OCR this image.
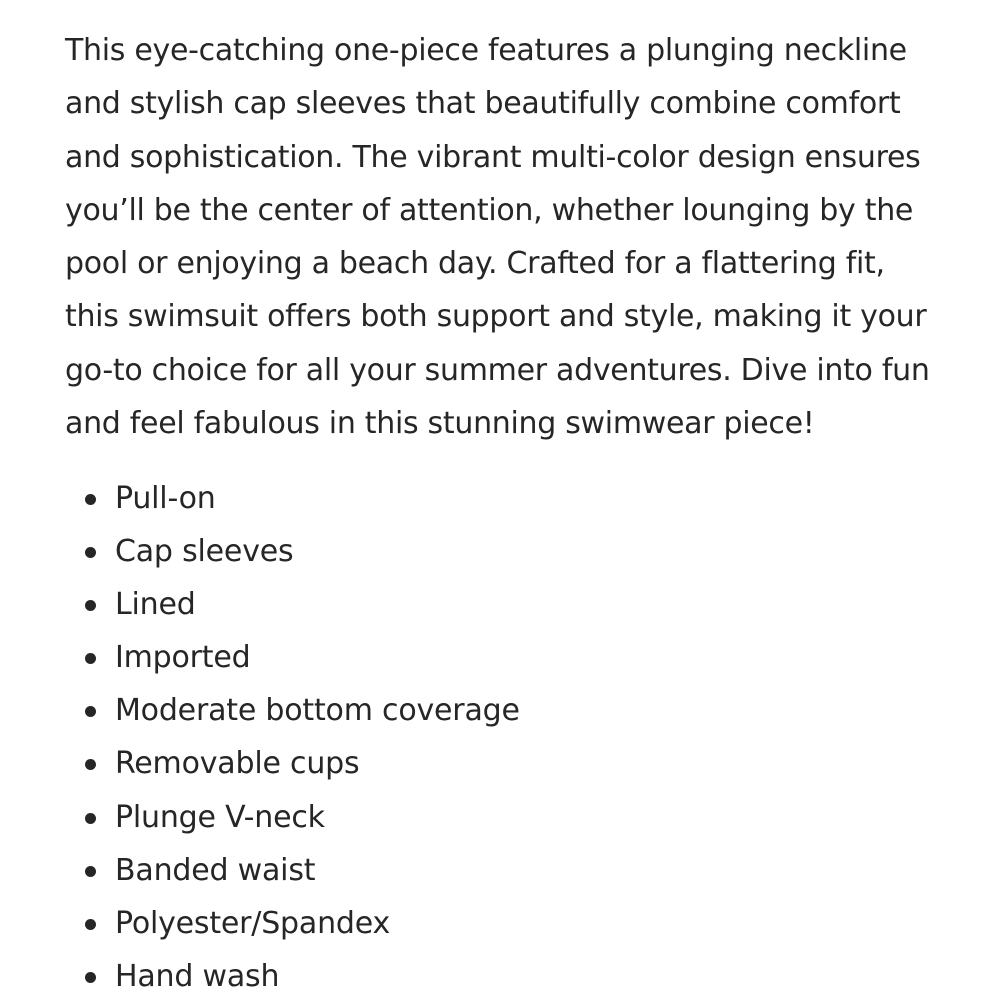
This eye-catching one-piece features a plunging neckline
and stylish cap sleeves that beautifully combine comfort
and sophistication. The vibrant multi-color design ensures
you’ll be the center of attention, whether lounging by the
pool or enjoying a beach day. Crafted for a flattering fit,
this swimsuit offers both support and style, making it your
go-to choice for all your summer adventures. Dive into fun
and feel fabulous in this stunning swimwear piece!

Pull-on
Cap sleeves
Lined
Imported
Moderate bottom coverage
Removable cups
Plunge V-neck
Banded waist
Polyester/Spandex
Hand wash
